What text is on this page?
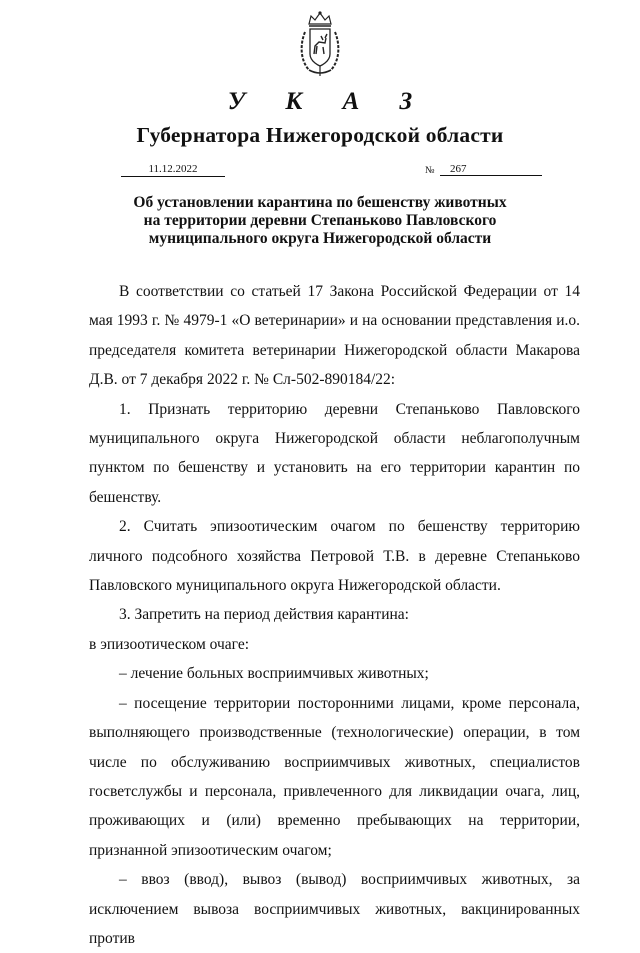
У К А З
Губернатора Нижегородской области
11.12.2022	№	267
Об установлении карантина по бешенству животных
на территории деревни Степаньково Павловского
муниципального округа Нижегородской области

В соответствии со статьей 17 Закона Российской Федерации от 14 мая 1993 г. № 4979-1 «О ветеринарии» и на основании представления и.о. председателя комитета ветеринарии Нижегородской области Макарова Д.В. от 7 декабря 2022 г. № Сл-502-890184/22:

1. Признать территорию деревни Степаньково Павловского муниципального округа Нижегородской области неблагополучным пунктом по бешенству и установить на его территории карантин по бешенству.

2. Считать эпизоотическим очагом по бешенству территорию личного подсобного хозяйства Петровой Т.В. в деревне Степаньково Павловского муниципального округа Нижегородской области.

3. Запретить на период действия карантина:

в эпизоотическом очаге:

– лечение больных восприимчивых животных;

– посещение территории посторонними лицами, кроме персонала, выполняющего производственные (технологические) операции, в том числе по обслуживанию восприимчивых животных, специалистов госветслужбы и персонала, привлеченного для ликвидации очага, лиц, проживающих и (или) временно пребывающих на территории, признанной эпизоотическим очагом;

– ввоз (ввод), вывоз (вывод) восприимчивых животных, за исключением вывоза восприимчивых животных, вакцинированных против
